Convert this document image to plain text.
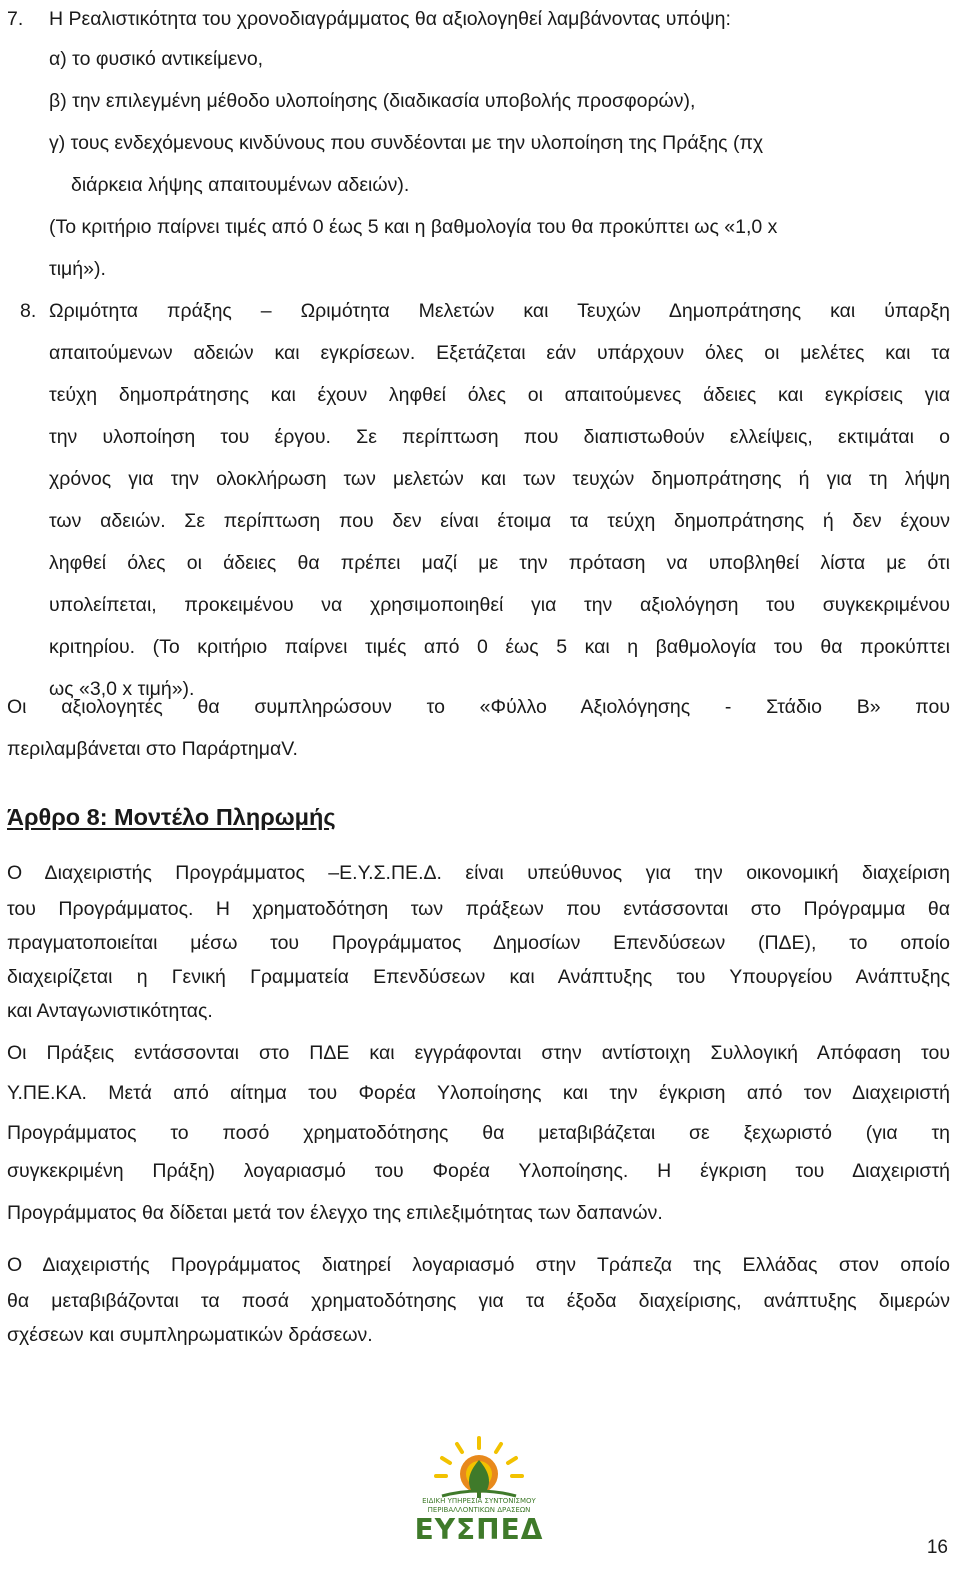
7. Η Ρεαλιστικότητα του χρονοδιαγράμματος θα αξιολογηθεί λαμβάνοντας υπόψη:
α) το φυσικό αντικείμενο,
β) την επιλεγμένη μέθοδο υλοποίησης (διαδικασία υποβολής προσφορών),
γ) τους ενδεχόμενους κινδύνους που συνδέονται με την υλοποίηση της Πράξης (πχ
διάρκεια λήψης απαιτουμένων αδειών).
(Το κριτήριο παίρνει τιμές από 0 έως 5 και η βαθμολογία του θα προκύπτει ως «1,0 x
τιμή»).
8. Ωριμότητα πράξης – Ωριμότητα Μελετών και Τευχών Δημοπράτησης και ύπαρξη
απαιτούμενων αδειών και εγκρίσεων. Εξετάζεται εάν υπάρχουν όλες οι μελέτες και τα
τεύχη δημοπράτησης και έχουν ληφθεί όλες οι απαιτούμενες άδειες και εγκρίσεις για
την υλοποίηση του έργου. Σε περίπτωση που διαπιστωθούν ελλείψεις, εκτιμάται ο
χρόνος για την ολοκλήρωση των μελετών και των τευχών δημοπράτησης ή για τη λήψη
των αδειών. Σε περίπτωση που δεν είναι έτοιμα τα τεύχη δημοπράτησης ή δεν έχουν
ληφθεί όλες οι άδειες θα πρέπει μαζί με την πρόταση να υποβληθεί λίστα με ότι
υπολείπεται, προκειμένου να χρησιμοποιηθεί για την αξιολόγηση του συγκεκριμένου
κριτηρίου. (Το κριτήριο παίρνει τιμές από 0 έως 5 και η βαθμολογία του θα προκύπτει
ως «3,0 x τιμή»).
Οι αξιολογητές θα συμπληρώσουν το «Φύλλο Αξιολόγησης - Στάδιο Β» που
περιλαμβάνεται στο ΠαράρτημαV.
Άρθρο 8: Μοντέλο Πληρωμής
Ο Διαχειριστής Προγράμματος –Ε.Υ.Σ.ΠΕ.Δ. είναι υπεύθυνος για την οικονομική διαχείριση
του Προγράμματος. Η χρηματοδότηση των πράξεων που εντάσσονται στο Πρόγραμμα θα
πραγματοποιείται μέσω του Προγράμματος Δημοσίων Επενδύσεων (ΠΔΕ), το οποίο
διαχειρίζεται η Γενική Γραμματεία Επενδύσεων και Ανάπτυξης του Υπουργείου Ανάπτυξης
και Ανταγωνιστικότητας.
Οι Πράξεις εντάσσονται στο ΠΔΕ και εγγράφονται στην αντίστοιχη Συλλογική Απόφαση του
Υ.ΠΕ.ΚΑ. Μετά από αίτημα του Φορέα Υλοποίησης και την έγκριση από τον Διαχειριστή
Προγράμματος το ποσό χρηματοδότησης θα μεταβιβάζεται σε ξεχωριστό (για τη
συγκεκριμένη Πράξη) λογαριασμό του Φορέα Υλοποίησης. Η έγκριση του Διαχειριστή
Προγράμματος θα δίδεται μετά τον έλεγχο της επιλεξιμότητας των δαπανών.
Ο Διαχειριστής Προγράμματος διατηρεί λογαριασμό στην Τράπεζα της Ελλάδας στον οποίο
θα μεταβιβάζονται τα ποσά χρηματοδότησης για τα έξοδα διαχείρισης, ανάπτυξης διμερών
σχέσεων και συμπληρωματικών δράσεων.
ΕΙΔΙΚΗ ΥΠΗΡΕΣΙΑ ΣΥΝΤΟΝΙΣΜΟΥ
ΠΕΡΙΒΑΛΛΟΝΤΙΚΩΝ ΔΡΑΣΕΩΝ
ΕΥΣΠΕΔ
16
